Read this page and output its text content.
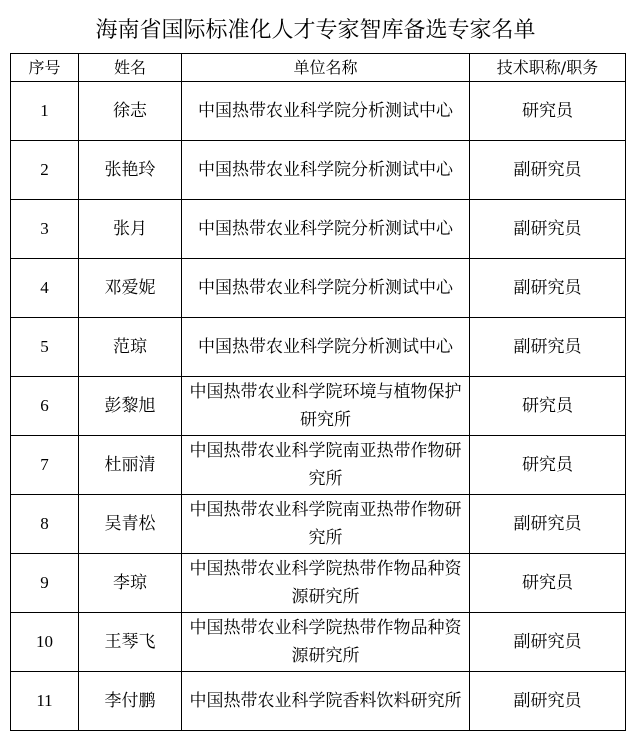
海南省国际标准化人才专家智库备选专家名单
序号	姓名	单位名称	技术职称/职务
1	徐志	中国热带农业科学院分析测试中心	研究员
2	张艳玲	中国热带农业科学院分析测试中心	副研究员
3	张月	中国热带农业科学院分析测试中心	副研究员
4	邓爱妮	中国热带农业科学院分析测试中心	副研究员
5	范琼	中国热带农业科学院分析测试中心	副研究员
6	彭黎旭	中国热带农业科学院环境与植物保护研究所	研究员
7	杜丽清	中国热带农业科学院南亚热带作物研究所	研究员
8	吴青松	中国热带农业科学院南亚热带作物研究所	副研究员
9	李琼	中国热带农业科学院热带作物品种资源研究所	研究员
10	王琴飞	中国热带农业科学院热带作物品种资源研究所	副研究员
11	李付鹏	中国热带农业科学院香料饮料研究所	副研究员
